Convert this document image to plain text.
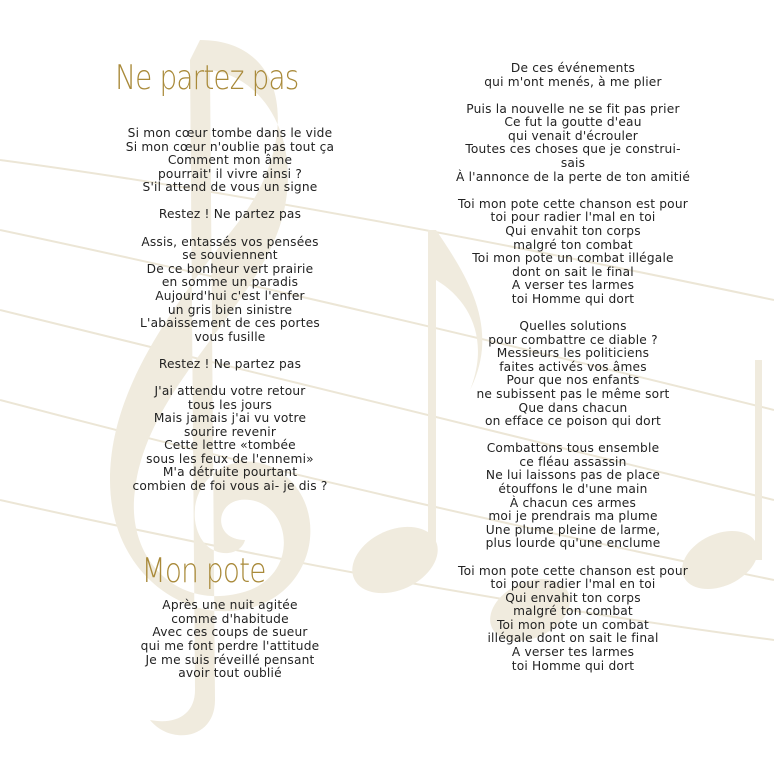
Ne partez pas
Mon pote
Si mon cœur tombe dans le vide
Si mon cœur n'oublie pas tout ça
Comment mon âme
pourrait' il vivre ainsi ?
S'il attend de vous un signe
Restez ! Ne partez pas
Assis, entassés vos pensées
se souviennent
De ce bonheur vert prairie
en somme un paradis
Aujourd'hui c'est l'enfer
un gris bien sinistre
L'abaissement de ces portes
vous fusille
Restez ! Ne partez pas
J'ai attendu votre retour
tous les jours
Mais jamais j'ai vu votre
sourire revenir
Cette lettre «tombée
sous les feux de l'ennemi»
M'a détruite pourtant
combien de foi vous ai- je dis ?
Après une nuit agitée
comme d'habitude
Avec ces coups de sueur
qui me font perdre l'attitude
Je me suis réveillé pensant
avoir tout oublié
De ces événements
qui m'ont menés, à me plier
Puis la nouvelle ne se fit pas prier
Ce fut la goutte d'eau
qui venait d'écrouler
Toutes ces choses que je construi-
sais
À l'annonce de la perte de ton amitié
Toi mon pote cette chanson est pour
toi pour radier l'mal en toi
Qui envahit ton corps
malgré ton combat
Toi mon pote un combat illégale
dont on sait le final
A verser tes larmes
toi Homme qui dort
Quelles solutions
pour combattre ce diable ?
Messieurs les politiciens
faites activés vos âmes
Pour que nos enfants
ne subissent pas le même sort
Que dans chacun
on efface ce poison qui dort
Combattons tous ensemble
ce fléau assassin
Ne lui laissons pas de place
étouffons le d'une main
À chacun ces armes
moi je prendrais ma plume
Une plume pleine de larme,
plus lourde qu'une enclume
Toi mon pote cette chanson est pour
toi pour radier l'mal en toi
Qui envahit ton corps
malgré ton combat
Toi mon pote un combat
illégale dont on sait le final
A verser tes larmes
toi Homme qui dort
